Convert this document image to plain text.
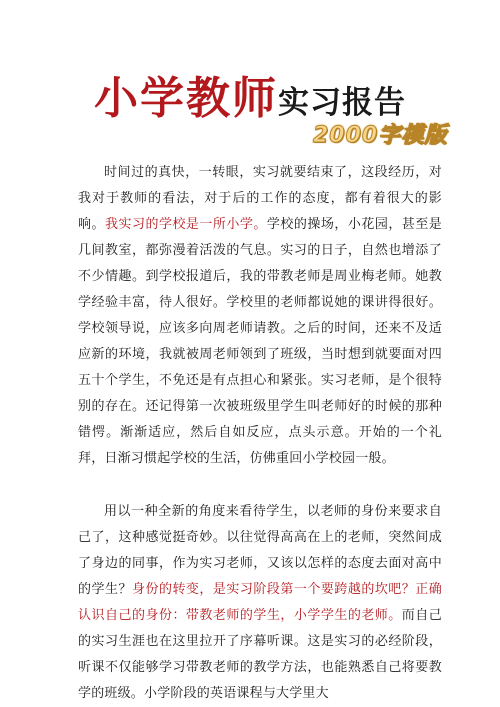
小学教师实习报告
2000字模版

时间过的真快，一转眼，实习就要结束了，这段经历，对我对于教师的看法，对于后的工作的态度，都有着很大的影响。我实习的学校是一所小学。学校的操场，小花园，甚至是几间教室，都弥漫着活泼的气息。实习的日子，自然也增添了不少情趣。到学校报道后，我的带教老师是周业梅老师。她教学经验丰富，待人很好。学校里的老师都说她的课讲得很好。学校领导说，应该多向周老师请教。之后的时间，还来不及适应新的环境，我就被周老师领到了班级，当时想到就要面对四五十个学生，不免还是有点担心和紧张。实习老师，是个很特别的存在。还记得第一次被班级里学生叫老师好的时候的那种错愕。渐渐适应，然后自如反应，点头示意。开始的一个礼拜，日渐习惯起学校的生活，仿佛重回小学校园一般。

用以一种全新的角度来看待学生，以老师的身份来要求自己了，这种感觉挺奇妙。以往觉得高高在上的老师，突然间成了身边的同事，作为实习老师，又该以怎样的态度去面对高中的学生？身份的转变，是实习阶段第一个要跨越的坎吧？正确认识自己的身份：带教老师的学生，小学学生的老师。而自己的实习生涯也在这里拉开了序幕听课。这是实习的必经阶段，听课不仅能够学习带教老师的教学方法，也能熟悉自己将要教学的班级。小学阶段的英语课程与大学里大
